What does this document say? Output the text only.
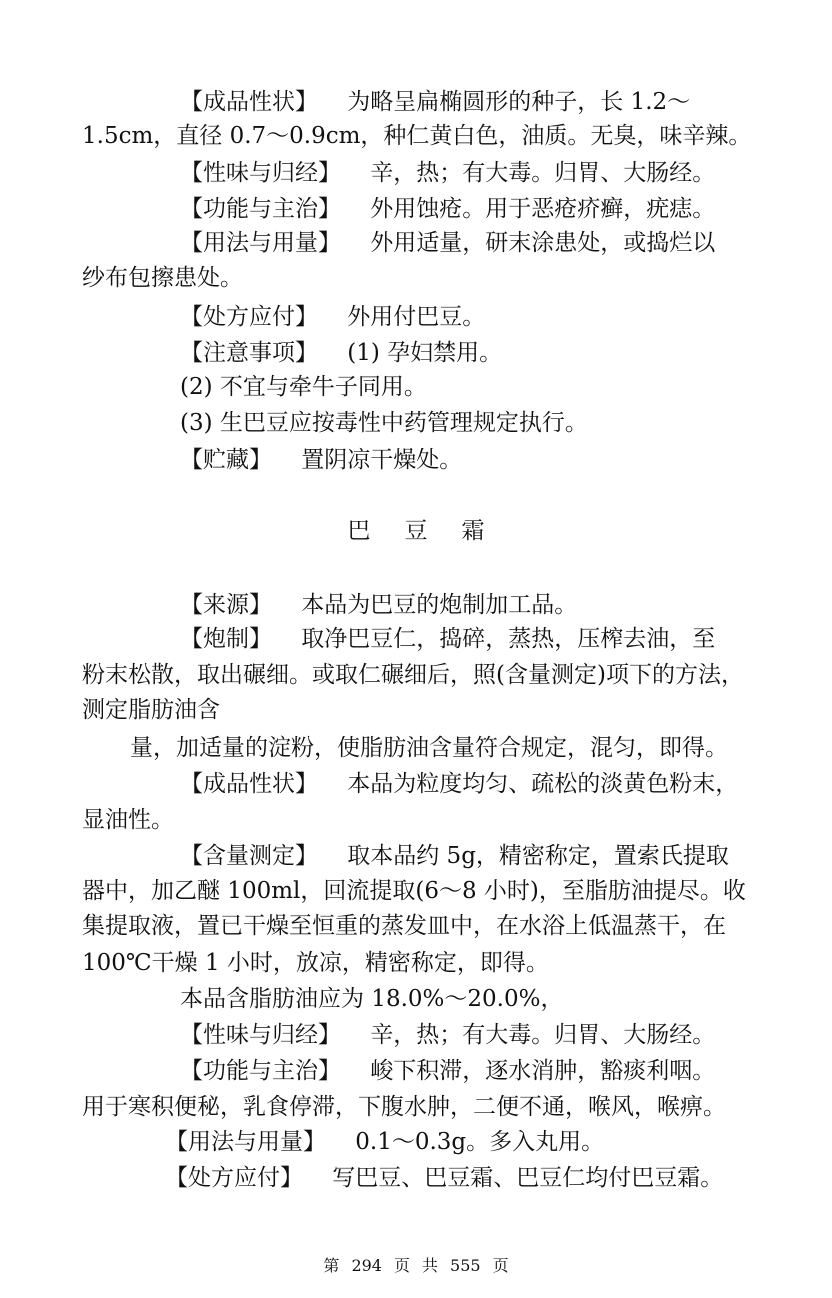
【成品性状】    为略呈扁椭圆形的种子，长 1.2～
1.5cm，直径 0.7～0.9cm，种仁黄白色，油质。无臭，味辛辣。
【性味与归经】    辛，热；有大毒。归胃、大肠经。
【功能与主治】    外用蚀疮。用于恶疮疥癣，疣痣。
【用法与用量】    外用适量，研末涂患处，或捣烂以
纱布包擦患处。
【处方应付】    外用付巴豆。
【注意事项】    (1) 孕妇禁用。
(2) 不宜与牵牛子同用。
(3) 生巴豆应按毒性中药管理规定执行。
【贮藏】    置阴凉干燥处。
巴豆霜
【来源】    本品为巴豆的炮制加工品。
【炮制】    取净巴豆仁，捣碎，蒸热，压榨去油，至
粉末松散，取出碾细。或取仁碾细后，照(含量测定)项下的方法，
测定脂肪油含
量，加适量的淀粉，使脂肪油含量符合规定，混匀，即得。
【成品性状】    本品为粒度均匀、疏松的淡黄色粉末，
显油性。
【含量测定】    取本品约 5g，精密称定，置索氏提取
器中，加乙醚 100ml，回流提取(6～8 小时)，至脂肪油提尽。收
集提取液，置已干燥至恒重的蒸发皿中，在水浴上低温蒸干，在
100℃干燥 1 小时，放凉，精密称定，即得。
本品含脂肪油应为 18.0%～20.0%，
【性味与归经】    辛，热；有大毒。归胃、大肠经。
【功能与主治】    峻下积滞，逐水消肿，豁痰利咽。
用于寒积便秘，乳食停滞，下腹水肿，二便不通，喉风，喉痹。
【用法与用量】    0.1～0.3g。多入丸用。
【处方应付】    写巴豆、巴豆霜、巴豆仁均付巴豆霜。
第 294 页 共 555 页
